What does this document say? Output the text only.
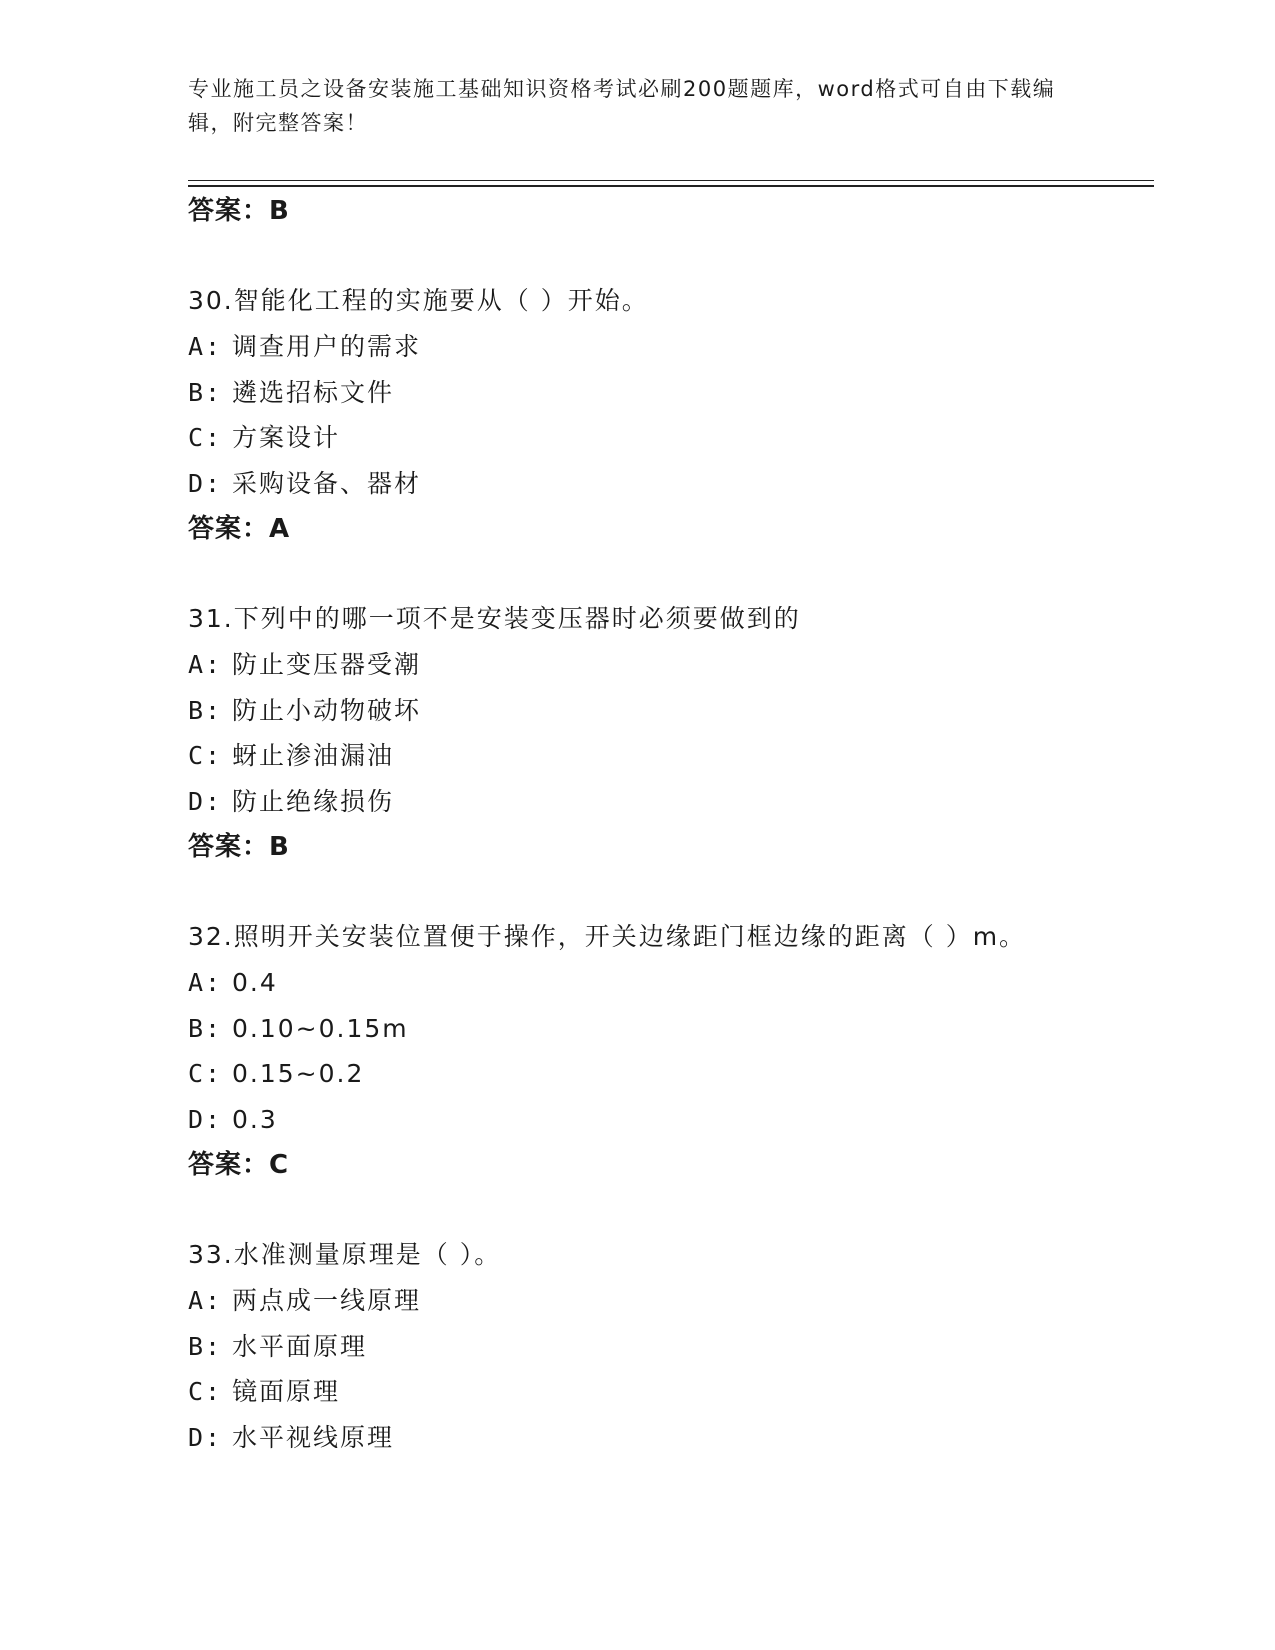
专业施工员之设备安装施工基础知识资格考试必刷200题题库，word格式可自由下载编辑，附完整答案！
答案：B
30.智能化工程的实施要从（ ）开始。
A: 调查用户的需求
B: 遴选招标文件
C: 方案设计
D: 采购设备、器材
答案：A
31.下列中的哪一项不是安装变压器时必须要做到的
A: 防止变压器受潮
B: 防止小动物破坏
C: 蚜止渗油漏油
D: 防止绝缘损伤
答案：B
32.照明开关安装位置便于操作，开关边缘距门框边缘的距离（ ）m。
A: 0.4
B: 0.10~0.15m
C: 0.15~0.2
D: 0.3
答案：C
33.水准测量原理是（ ）。
A: 两点成一线原理
B: 水平面原理
C: 镜面原理
D: 水平视线原理
